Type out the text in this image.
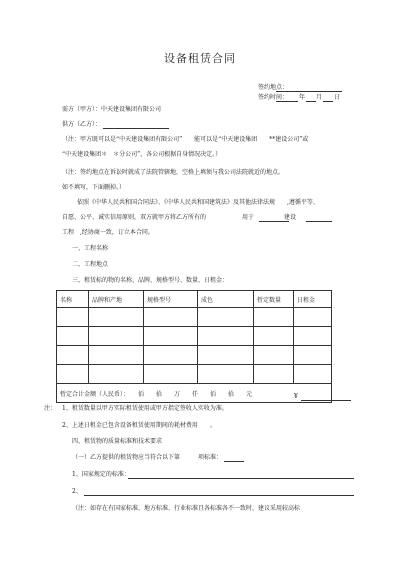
设备租赁合同
签约地点：
签约时间： 年 月 日
需方（甲方）：中天建设集团有限公司
供方（乙方）：
（注：甲方既可以是“中天建设集团有限公司”　　能可以是“中天建设集团　　**建设公司”或
“中天建设集团＊　＊分公司”，各公司根据自身情况决定。）
（注：签约地点在诉讼时就成了法院管辖地，空格上填须与我公司法院就近的地点。
如不填写，下面删掉。）
依照《中华人民共和国合同法》、《中华人民共和国建筑法》及其他法律法规　　,遵循平等、
自愿、公平、诚实信用原则，双方就甲方将乙方所有的　　　　　　用于　　　　　建设
工程　,经协商一致，订立本合同。
一、工程名称
二、工程地点
三、租赁标的物的名称、品牌、规格型号、数量、日租金：
名称	品牌和产地	规格型号	成色	暂定数量	日租金

暂定合计金额（人民币）：　　佰　　拾　　万　　仟　　佰　　拾　　元						¥
注： 1、租赁数量以甲方实际租赁使用或甲方指定签收人实收为准。
2、上述日租金已包含设备租赁使用期间的耗材费用　　。
四、租赁物的质量标准和技术要求
（一）乙方提供的租赁物应当符合以下第　　　项标准：
1、国家规定的标准：
2、
（注：如存在有国家标准、地方标准、行业标准且各标准各不一致时，建议采用较高标
